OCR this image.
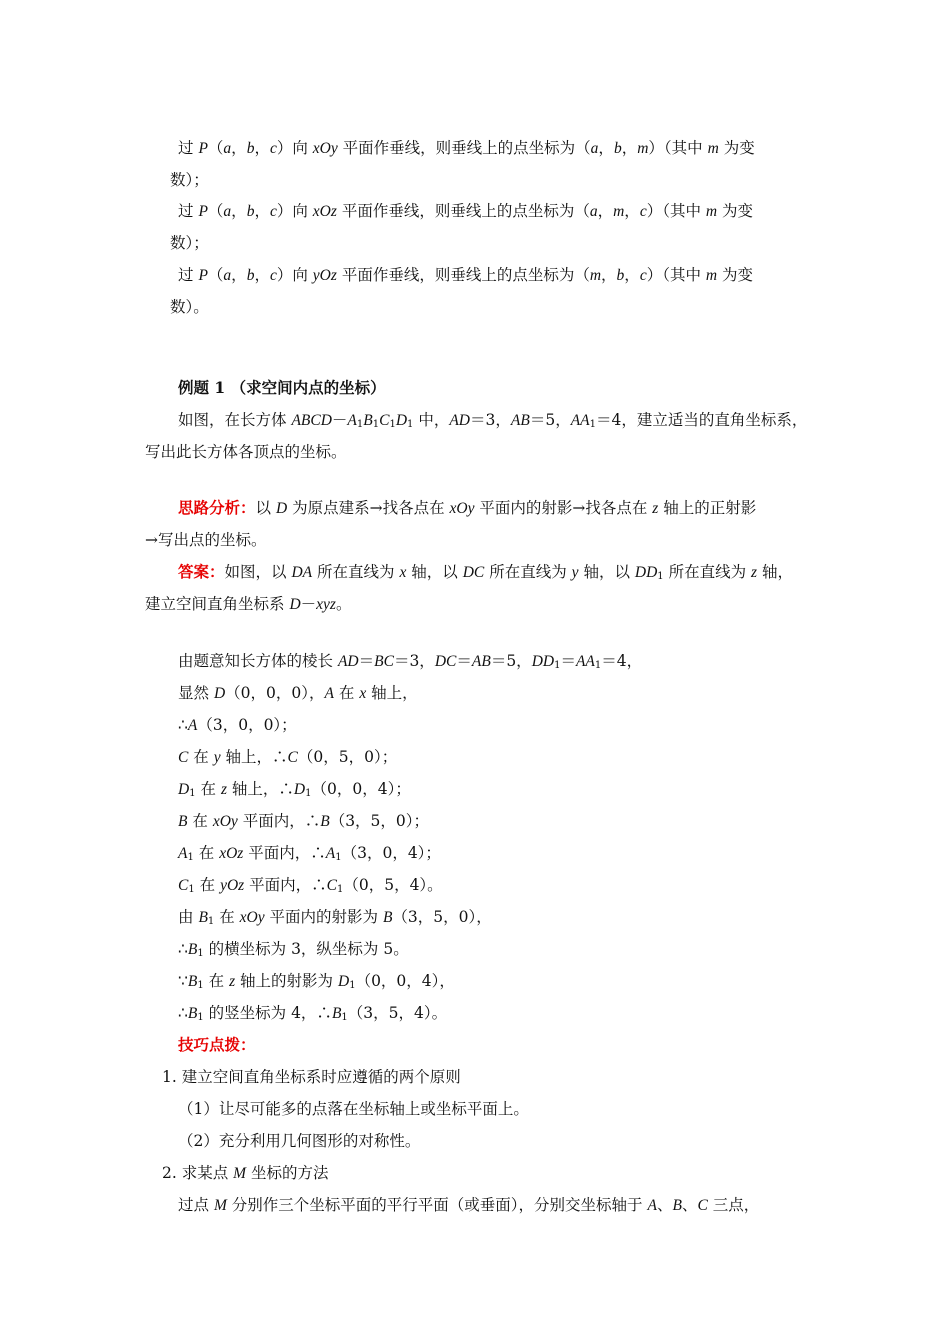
过 P（a，b，c）向 xOy 平面作垂线，则垂线上的点坐标为（a，b，m）（其中 m 为变
数）；
过 P（a，b，c）向 xOz 平面作垂线，则垂线上的点坐标为（a，m，c）（其中 m 为变
数）；
过 P（a，b，c）向 yOz 平面作垂线，则垂线上的点坐标为（m，b，c）（其中 m 为变
数）。
例题 1 （求空间内点的坐标）
如图，在长方体 $ABCD-A_1B_1C_1D_1$ 中，AD＝3，AB＝5，$AA_1=4$，建立适当的直角坐标系，
写出此长方体各顶点的坐标。
思路分析：以 D 为原点建系→找各点在 xOy 平面内的射影→找各点在 z 轴上的正射影
→写出点的坐标。
答案：如图，以 DA 所在直线为 x 轴，以 DC 所在直线为 y 轴，以 $DD_1$ 所在直线为 z 轴，
建立空间直角坐标系 D－xyz。
由题意知长方体的棱长 AD＝BC＝3，DC＝AB＝5，$DD_1=AA_1=4$，
显然 D（0，0，0），A 在 x 轴上，
∴A（3，0，0）；
C 在 y 轴上，∴C（0，5，0）；
$D_1$ 在 z 轴上，$\therefore D_1(0$，0，4）；
B 在 xOy 平面内，∴B（3，5，0）；
$A_1$ 在 xOz 平面内，$\therefore A_1(3$，0，4）；
$C_1$ 在 yOz 平面内，$\therefore C_1(0$，5，4）。
由 $B_1$ 在 xOy 平面内的射影为 B（3，5，0），
$\therefore B_1$ 的横坐标为 3，纵坐标为 5。
$\because B_1$ 在 z 轴上的射影为 $D_1(0$，0，4），
$\therefore B_1$ 的竖坐标为 4，$\therefore B_1(3$，5，4）。
技巧点拨：
1. 建立空间直角坐标系时应遵循的两个原则
（1）让尽可能多的点落在坐标轴上或坐标平面上。
（2）充分利用几何图形的对称性。
2. 求某点 M 坐标的方法
过点 M 分别作三个坐标平面的平行平面（或垂面），分别交坐标轴于 A、B、C 三点，
